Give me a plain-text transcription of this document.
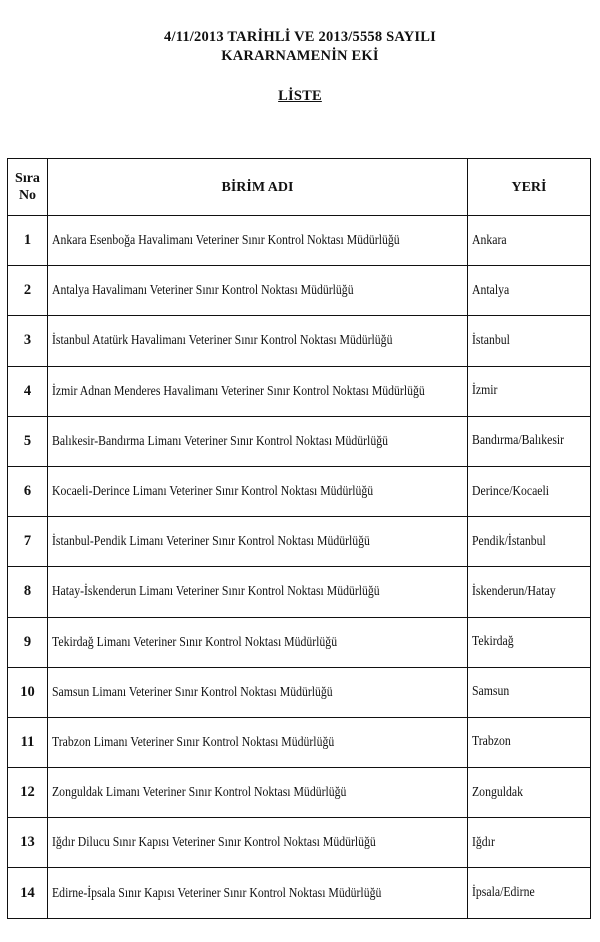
4/11/2013 TARİHLİ VE 2013/5558 SAYILI
KARARNAMENİN EKİ
LİSTE
Sıra
No	BİRİM ADI	YERİ
1	Ankara Esenboğa Havalimanı Veteriner Sınır Kontrol Noktası Müdürlüğü	Ankara
2	Antalya Havalimanı Veteriner Sınır Kontrol Noktası Müdürlüğü	Antalya
3	İstanbul Atatürk Havalimanı Veteriner Sınır Kontrol Noktası Müdürlüğü	İstanbul
4	İzmir Adnan Menderes Havalimanı Veteriner Sınır Kontrol Noktası Müdürlüğü	İzmir
5	Balıkesir-Bandırma Limanı Veteriner Sınır Kontrol Noktası Müdürlüğü	Bandırma/Balıkesir
6	Kocaeli-Derince Limanı Veteriner Sınır Kontrol Noktası Müdürlüğü	Derince/Kocaeli
7	İstanbul-Pendik Limanı Veteriner Sınır Kontrol Noktası Müdürlüğü	Pendik/İstanbul
8	Hatay-İskenderun Limanı Veteriner Sınır Kontrol Noktası Müdürlüğü	İskenderun/Hatay
9	Tekirdağ Limanı Veteriner Sınır Kontrol Noktası Müdürlüğü	Tekirdağ
10	Samsun Limanı Veteriner Sınır Kontrol Noktası Müdürlüğü	Samsun
11	Trabzon Limanı Veteriner Sınır Kontrol Noktası Müdürlüğü	Trabzon
12	Zonguldak Limanı Veteriner Sınır Kontrol Noktası Müdürlüğü	Zonguldak
13	Iğdır Dilucu Sınır Kapısı Veteriner Sınır Kontrol Noktası Müdürlüğü	Iğdır
14	Edirne-İpsala Sınır Kapısı Veteriner Sınır Kontrol Noktası Müdürlüğü	İpsala/Edirne
